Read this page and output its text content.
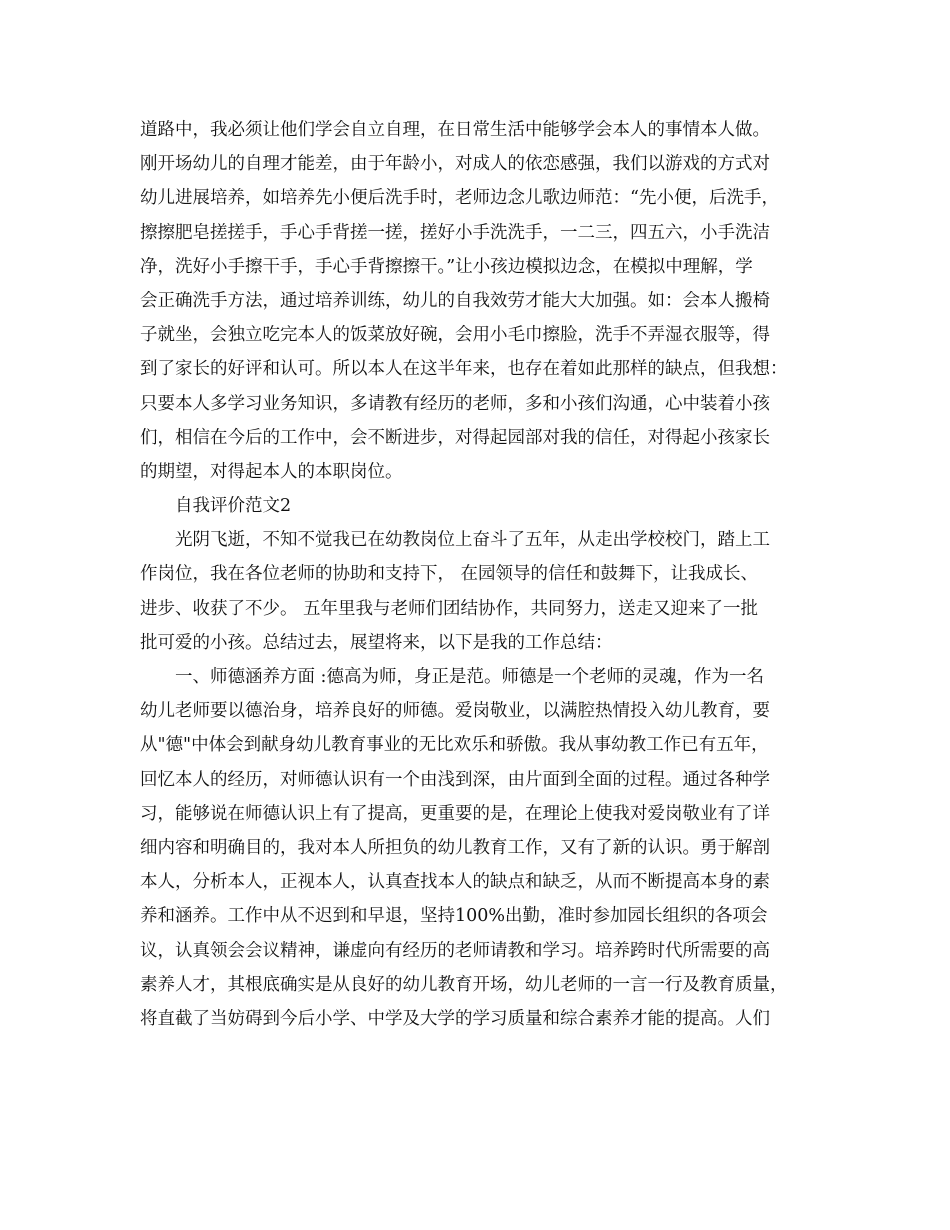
道路中，我必须让他们学会自立自理，在日常生活中能够学会本人的事情本人做。
刚开场幼儿的自理才能差，由于年龄小，对成人的依恋感强，我们以游戏的方式对
幼儿进展培养，如培养先小便后洗手时，老师边念儿歌边师范：“先小便，后洗手，
擦擦肥皂搓搓手，手心手背搓一搓，搓好小手洗洗手，一二三，四五六，小手洗洁
净，洗好小手擦干手，手心手背擦擦干。”让小孩边模拟边念，在模拟中理解，学
会正确洗手方法，通过培养训练，幼儿的自我效劳才能大大加强。如：会本人搬椅
子就坐，会独立吃完本人的饭菜放好碗，会用小毛巾擦脸，洗手不弄湿衣服等，得
到了家长的好评和认可。所以本人在这半年来，也存在着如此那样的缺点，但我想：
只要本人多学习业务知识，多请教有经历的老师，多和小孩们沟通，心中装着小孩
们，相信在今后的工作中，会不断进步，对得起园部对我的信任，对得起小孩家长
的期望，对得起本人的本职岗位。
自我评价范文2
光阴飞逝，不知不觉我已在幼教岗位上奋斗了五年，从走出学校校门，踏上工
作岗位，我在各位老师的协助和支持下， 在园领导的信任和鼓舞下，让我成长、
进步、收获了不少。 五年里我与老师们团结协作，共同努力，送走又迎来了一批
批可爱的小孩。总结过去，展望将来，以下是我的工作总结：
一、师德涵养方面 :德高为师，身正是范。师德是一个老师的灵魂，作为一名
幼儿老师要以德治身，培养良好的师德。爱岗敬业，以满腔热情投入幼儿教育，要
从"德"中体会到献身幼儿教育事业的无比欢乐和骄傲。我从事幼教工作已有五年，
回忆本人的经历，对师德认识有一个由浅到深，由片面到全面的过程。通过各种学
习，能够说在师德认识上有了提高，更重要的是，在理论上使我对爱岗敬业有了详
细内容和明确目的，我对本人所担负的幼儿教育工作，又有了新的认识。勇于解剖
本人，分析本人，正视本人，认真查找本人的缺点和缺乏，从而不断提高本身的素
养和涵养。工作中从不迟到和早退，坚持100%出勤，准时参加园长组织的各项会
议，认真领会会议精神，谦虚向有经历的老师请教和学习。培养跨时代所需要的高
素养人才，其根底确实是从良好的幼儿教育开场，幼儿老师的一言一行及教育质量，
将直截了当妨碍到今后小学、中学及大学的学习质量和综合素养才能的提高。人们
